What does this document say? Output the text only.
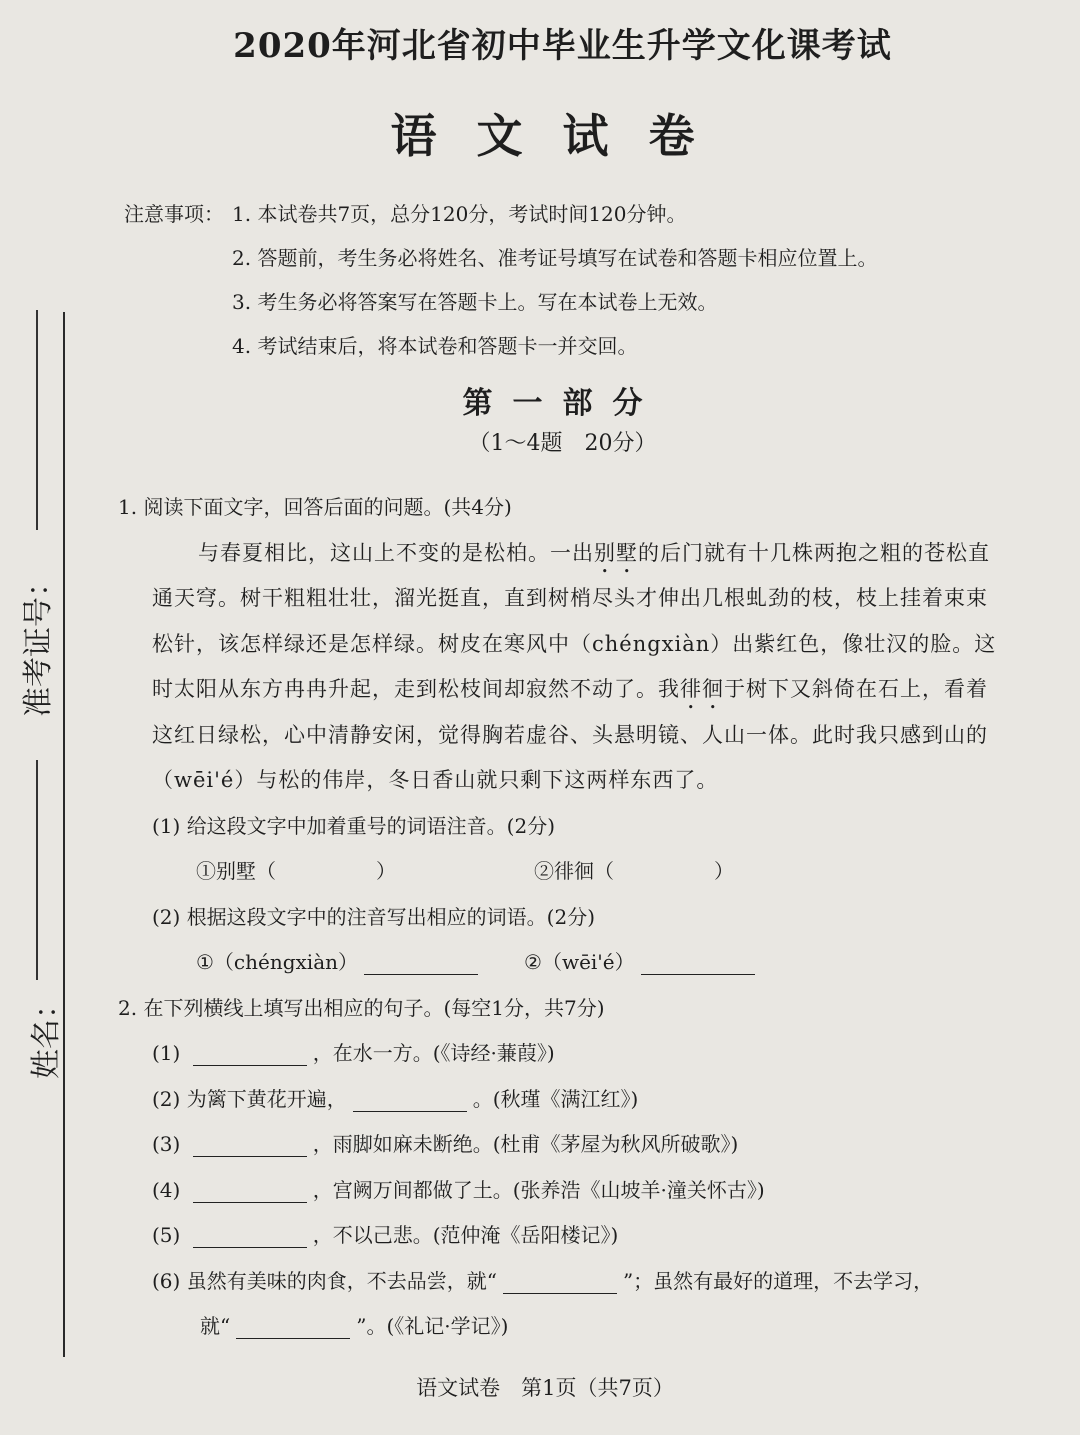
准考证号：
姓名：
2020年河北省初中毕业生升学文化课考试
语文试卷
注意事项： 1. 本试卷共7页，总分120分，考试时间120分钟。
2. 答题前，考生务必将姓名、准考证号填写在试卷和答题卡相应位置上。
3. 考生务必将答案写在答题卡上。写在本试卷上无效。
4. 考试结束后，将本试卷和答题卡一并交回。
第一部分
（1～4题　20分）
1. 阅读下面文字，回答后面的问题。(共4分)
与春夏相比，这山上不变的是松柏。一出别墅的后门就有十几株两抱之粗的苍松直
通天穹。树干粗粗壮壮，溜光挺直，直到树梢尽头才伸出几根虬劲的枝，枝上挂着束束
松针，该怎样绿还是怎样绿。树皮在寒风中（chéngxiàn）出紫红色，像壮汉的脸。这
时太阳从东方冉冉升起，走到松枝间却寂然不动了。我徘徊于树下又斜倚在石上，看着
这红日绿松，心中清静安闲，觉得胸若虚谷、头悬明镜、人山一体。此时我只感到山的
（wēi'é）与松的伟岸，冬日香山就只剩下这两样东西了。
(1) 给这段文字中加着重号的词语注音。(2分)
①别墅（	）	②徘徊（	）
(2) 根据这段文字中的注音写出相应的词语。(2分)
①（chéngxiàn）	②（wēi'é）
2. 在下列横线上填写出相应的句子。(每空1分，共7分)
(1)	，在水一方。(《诗经·蒹葭》)
(2) 为篱下黄花开遍，	。(秋瑾《满江红》)
(3)	，雨脚如麻未断绝。(杜甫《茅屋为秋风所破歌》)
(4)	，宫阙万间都做了土。(张养浩《山坡羊·潼关怀古》)
(5)	，不以己悲。(范仲淹《岳阳楼记》)
(6) 虽然有美味的肉食，不去品尝，就“	”；虽然有最好的道理，不去学习，
就“	”。(《礼记·学记》)
语文试卷　第1页（共7页）
